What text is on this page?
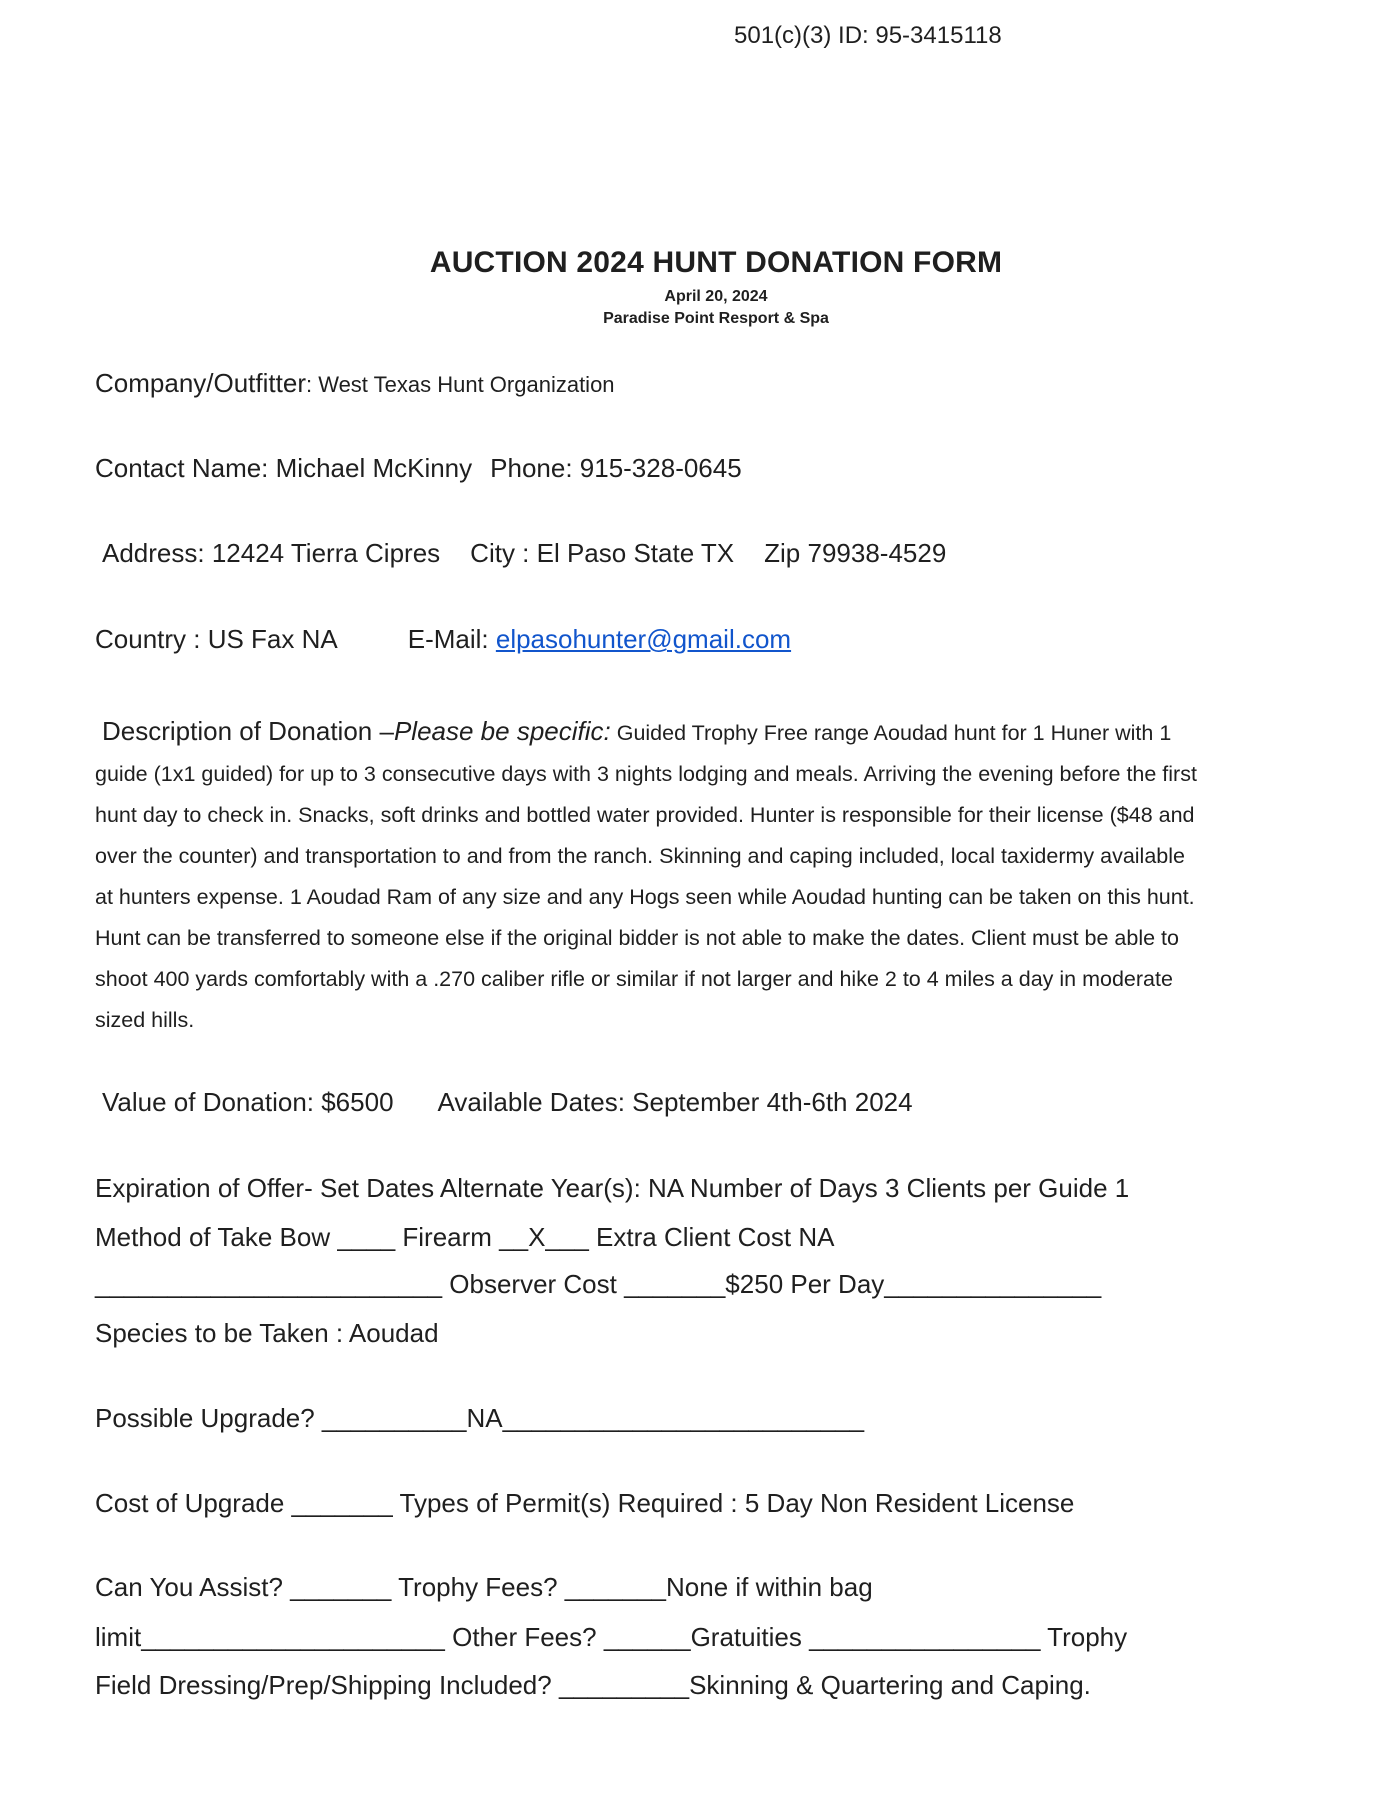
501(c)(3) ID: 95-3415118
AUCTION 2024 HUNT DONATION FORM
April 20, 2024
Paradise Point Resport & Spa
Company/Outfitter: West Texas Hunt Organization
Contact Name: Michael McKinny Phone: 915-328-0645
Address: 12424 Tierra Cipres City : El Paso State TX Zip 79938-4529
Country : US Fax NA	E-Mail: elpasohunter@gmail.com
Description of Donation –Please be specific: Guided Trophy Free range Aoudad hunt for 1 Huner with 1 guide (1x1 guided) for up to 3 consecutive days with 3 nights lodging and meals. Arriving the evening before the first hunt day to check in. Snacks, soft drinks and bottled water provided. Hunter is responsible for their license ($48 and over the counter) and transportation to and from the ranch. Skinning and caping included, local taxidermy available at hunters expense. 1 Aoudad Ram of any size and any Hogs seen while Aoudad hunting can be taken on this hunt. Hunt can be transferred to someone else if the original bidder is not able to make the dates. Client must be able to shoot 400 yards comfortably with a .270 caliber rifle or similar if not larger and hike 2 to 4 miles a day in moderate sized hills.
Value of Donation: $6500 Available Dates: September 4th-6th 2024
Expiration of Offer- Set Dates Alternate Year(s): NA Number of Days 3 Clients per Guide 1
Method of Take Bow ____ Firearm __X___ Extra Client Cost NA
________________________ Observer Cost _______$250 Per Day_______________
Species to be Taken : Aoudad
Possible Upgrade? __________NA_________________________
Cost of Upgrade _______ Types of Permit(s) Required : 5 Day Non Resident License
Can You Assist? _______ Trophy Fees? _______None if within bag
limit_____________________ Other Fees? ______Gratuities ________________ Trophy
Field Dressing/Prep/Shipping Included? _________Skinning & Quartering and Caping.
